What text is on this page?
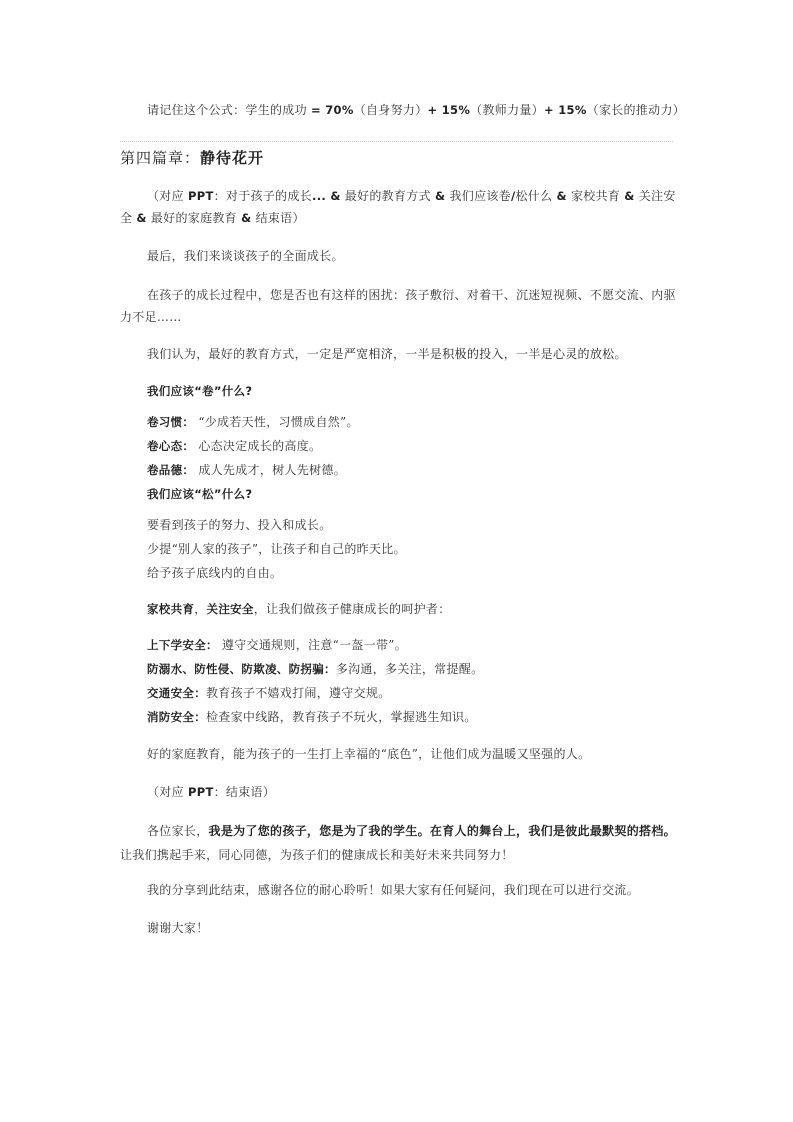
请记住这个公式：学生的成功 = 70%（自身努力）+ 15%（教师力量）+ 15%（家长的推动力）
第四篇章：静待花开
（对应 PPT：对于孩子的成长... & 最好的教育方式 & 我们应该卷/松什么 & 家校共育 & 关注安全 & 最好的家庭教育 & 结束语）
最后，我们来谈谈孩子的全面成长。
在孩子的成长过程中，您是否也有这样的困扰：孩子敷衍、对着干、沉迷短视频、不愿交流、内驱力不足……
我们认为，最好的教育方式，一定是严宽相济，一半是积极的投入，一半是心灵的放松。
我们应该“卷”什么?
卷习惯： “少成若天性，习惯成自然”。
卷心态： 心态决定成长的高度。
卷品德： 成人先成才，树人先树德。
我们应该“松”什么?
要看到孩子的努力、投入和成长。
少提“别人家的孩子”，让孩子和自己的昨天比。
给予孩子底线内的自由。
家校共育，关注安全，让我们做孩子健康成长的呵护者：
上下学安全： 遵守交通规则，注意“一盔一带”。
防溺水、防性侵、防欺凌、防拐骗：多沟通，多关注，常提醒。
交通安全：教育孩子不嬉戏打闹，遵守交规。
消防安全：检查家中线路，教育孩子不玩火，掌握逃生知识。
好的家庭教育，能为孩子的一生打上幸福的“底色”，让他们成为温暖又坚强的人。
（对应 PPT：结束语）
各位家长，我是为了您的孩子，您是为了我的学生。在育人的舞台上，我们是彼此最默契的搭档。让我们携起手来，同心同德，为孩子们的健康成长和美好未来共同努力！
我的分享到此结束，感谢各位的耐心聆听！如果大家有任何疑问，我们现在可以进行交流。
谢谢大家！
